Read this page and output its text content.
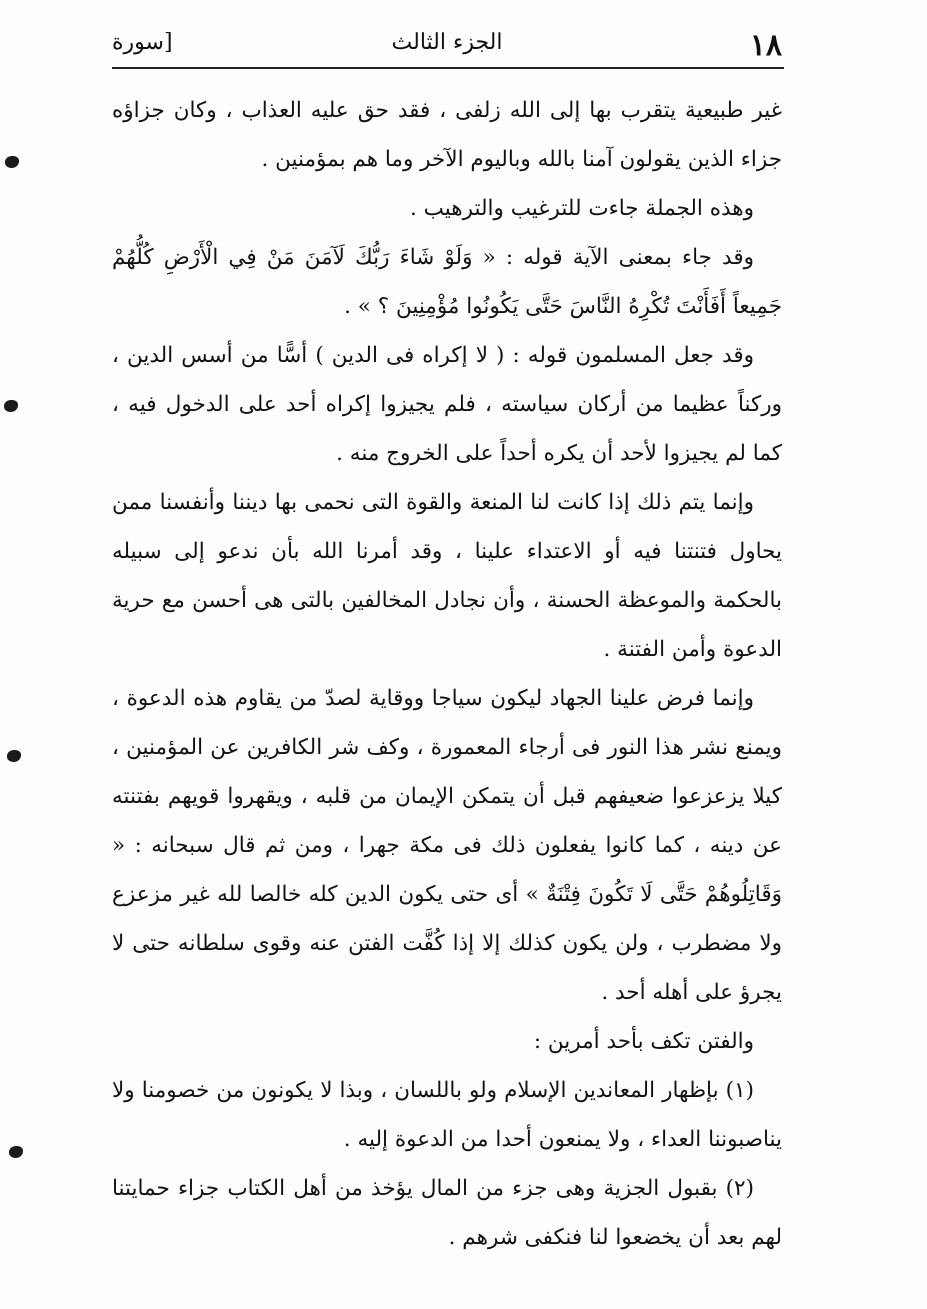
١٨
الجزء الثالث
[سورة

غير طبيعية يتقرب بها إلى الله زلفى ، فقد حق عليه العذاب ، وكان جزاؤه جزاء الذين يقولون آمنا بالله وباليوم الآخر وما هم بمؤمنين .

وهذه الجملة جاءت للترغيب والترهيب .

وقد جاء بمعنى الآية قوله : « وَلَوْ شَاءَ رَبُّكَ لَآمَنَ مَنْ فِي الْأَرْضِ كُلُّهُمْ جَمِيعاً أَفَأَنْتَ تُكْرِهُ النَّاسَ حَتَّى يَكُونُوا مُؤْمِنِينَ ؟ » .

وقد جعل المسلمون قوله : ( لا إكراه فى الدين ) أسًّا من أسس الدين ، وركناً عظيما من أركان سياسته ، فلم يجيزوا إكراه أحد على الدخول فيه ، كما لم يجيزوا لأحد أن يكره أحداً على الخروج منه .

وإنما يتم ذلك إذا كانت لنا المنعة والقوة التى نحمى بها ديننا وأنفسنا ممن يحاول فتنتنا فيه أو الاعتداء علينا ، وقد أمرنا الله بأن ندعو إلى سبيله بالحكمة والموعظة الحسنة ، وأن نجادل المخالفين بالتى هى أحسن مع حرية الدعوة وأمن الفتنة .

وإنما فرض علينا الجهاد ليكون سياجا ووقاية لصدّ من يقاوم هذه الدعوة ، ويمنع نشر هذا النور فى أرجاء المعمورة ، وكف شر الكافرين عن المؤمنين ، كيلا يزعزعوا ضعيفهم قبل أن يتمكن الإيمان من قلبه ، ويقهروا قويهم بفتنته عن دينه ، كما كانوا يفعلون ذلك فى مكة جهرا ، ومن ثم قال سبحانه : « وَقَاتِلُوهُمْ حَتَّى لَا تَكُونَ فِتْنَةٌ » أى حتى يكون الدين كله خالصا لله غير مزعزع ولا مضطرب ، ولن يكون كذلك إلا إذا كُفَّت الفتن عنه وقوى سلطانه حتى لا يجرؤ على أهله أحد .

والفتن تكف بأحد أمرين :

(١) بإظهار المعاندين الإسلام ولو باللسان ، وبذا لا يكونون من خصومنا ولا يناصبوننا العداء ، ولا يمنعون أحدا من الدعوة إليه .

(٢) بقبول الجزية وهى جزء من المال يؤخذ من أهل الكتاب جزاء حمايتنا لهم بعد أن يخضعوا لنا فنكفى شرهم .
